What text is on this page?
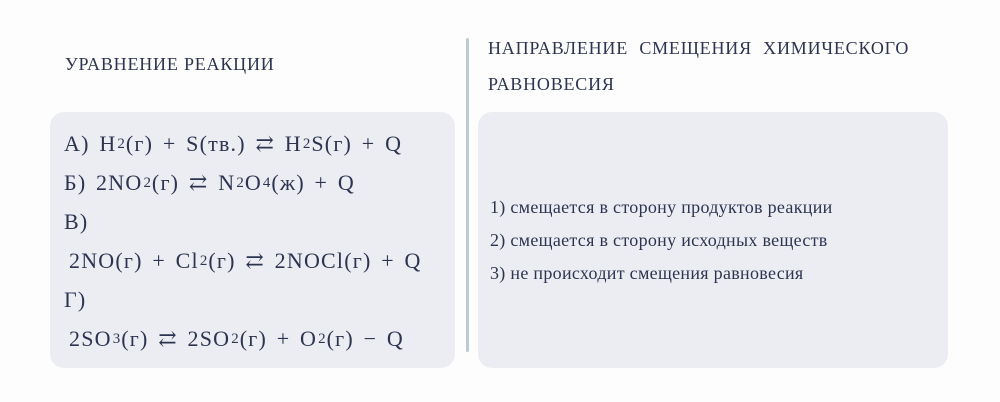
УРАВНЕНИЕ РЕАКЦИИ
НАПРАВЛЕНИЕ СМЕЩЕНИЯ ХИМИЧЕСКОГО РАВНОВЕСИЯ
А) H 2 (г) + S(тв.) ⇄ H 2 S(г) + Q
Б) 2NO 2 (г) ⇄ N 2 O 4 (ж) + Q
В)
2NO(г) + Cl 2 (г) ⇄ 2NOCl(г) + Q
Г)
2SO 3 (г) ⇄ 2SO 2 (г) + O 2 (г) − Q
1) смещается в сторону продуктов реакции
2) смещается в сторону исходных веществ
3) не происходит смещения равновесия
